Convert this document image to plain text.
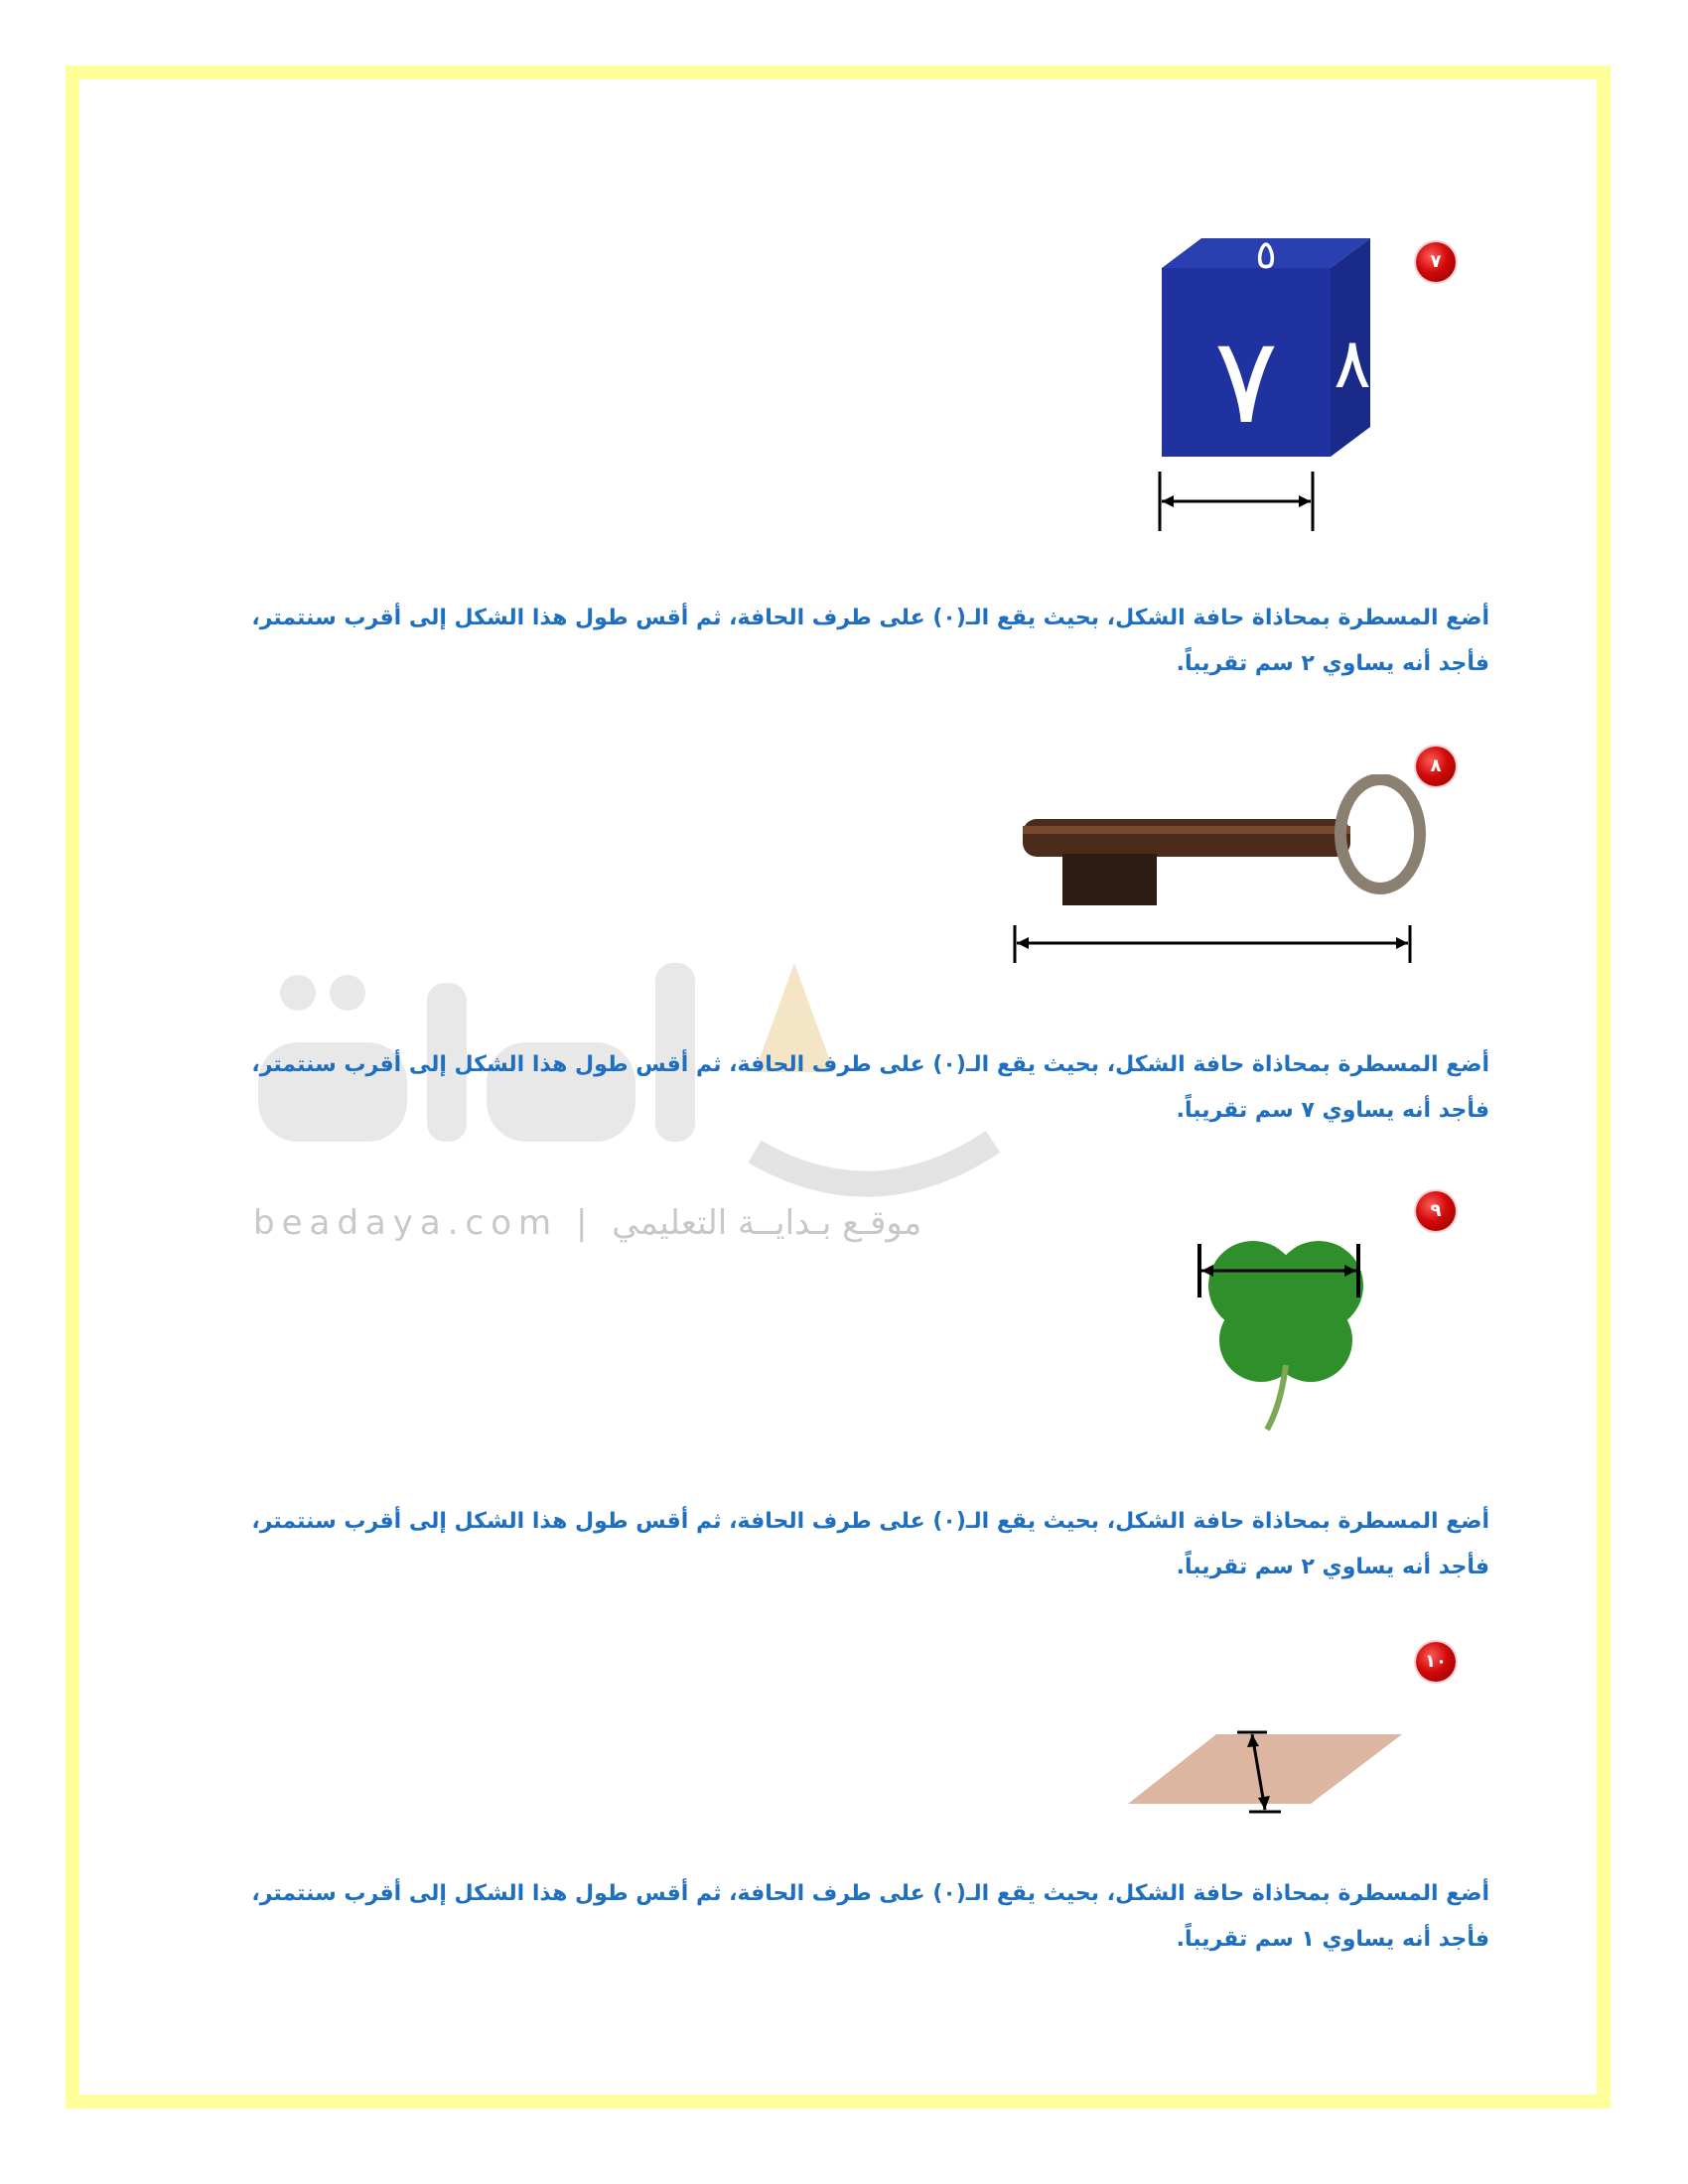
beadaya.com | موقـع بـدايــة التعليمي
٧
٧
٥
٨
أضع المسطرة بمحاذاة حافة الشكل، بحيث يقع الـ(٠) على طرف الحافة، ثم أقس طول هذا الشكل إلى أقرب سنتمتر، فأجد أنه يساوي ٢ سم تقريباً.
٨
أضع المسطرة بمحاذاة حافة الشكل، بحيث يقع الـ(٠) على طرف الحافة، ثم أقس طول هذا الشكل إلى أقرب سنتمتر، فأجد أنه يساوي ٧ سم تقريباً.
٩
أضع المسطرة بمحاذاة حافة الشكل، بحيث يقع الـ(٠) على طرف الحافة، ثم أقس طول هذا الشكل إلى أقرب سنتمتر، فأجد أنه يساوي ٢ سم تقريباً.
١٠
أضع المسطرة بمحاذاة حافة الشكل، بحيث يقع الـ(٠) على طرف الحافة، ثم أقس طول هذا الشكل إلى أقرب سنتمتر، فأجد أنه يساوي ١ سم تقريباً.
